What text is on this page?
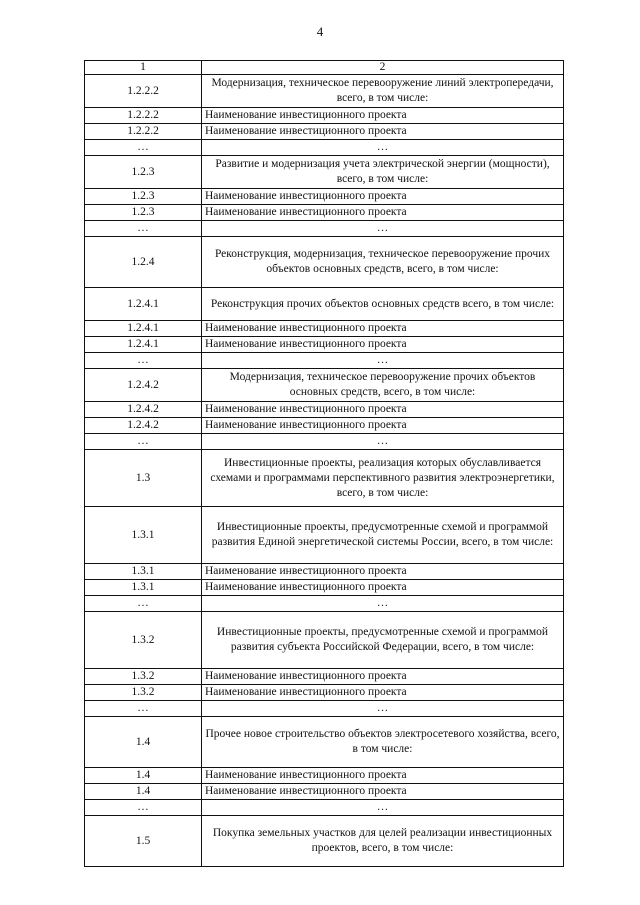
4
1	2
1.2.2.2	Модернизация, техническое перевооружение линий электропередачи, всего, в том числе:
1.2.2.2	Наименование инвестиционного проекта
1.2.2.2	Наименование инвестиционного проекта
…	…
1.2.3	Развитие и модернизация учета электрической энергии (мощности), всего, в том числе:
1.2.3	Наименование инвестиционного проекта
1.2.3	Наименование инвестиционного проекта
…	…
1.2.4	Реконструкция, модернизация, техническое перевооружение прочих объектов основных средств, всего, в том числе:
1.2.4.1	Реконструкция прочих объектов основных средств всего, в том числе:
1.2.4.1	Наименование инвестиционного проекта
1.2.4.1	Наименование инвестиционного проекта
…	…
1.2.4.2	Модернизация, техническое перевооружение прочих объектов основных средств, всего, в том числе:
1.2.4.2	Наименование инвестиционного проекта
1.2.4.2	Наименование инвестиционного проекта
…	…
1.3	Инвестиционные проекты, реализация которых обуславливается схемами и программами перспективного развития электроэнергетики, всего, в том числе:
1.3.1	Инвестиционные проекты, предусмотренные схемой и программой развития Единой энергетической системы России, всего, в том числе:
1.3.1	Наименование инвестиционного проекта
1.3.1	Наименование инвестиционного проекта
…	…
1.3.2	Инвестиционные проекты, предусмотренные схемой и программой развития субъекта Российской Федерации, всего, в том числе:
1.3.2	Наименование инвестиционного проекта
1.3.2	Наименование инвестиционного проекта
…	…
1.4	Прочее новое строительство объектов электросетевого хозяйства, всего, в том числе:
1.4	Наименование инвестиционного проекта
1.4	Наименование инвестиционного проекта
…	…
1.5	Покупка земельных участков для целей реализации инвестиционных проектов, всего, в том числе:
